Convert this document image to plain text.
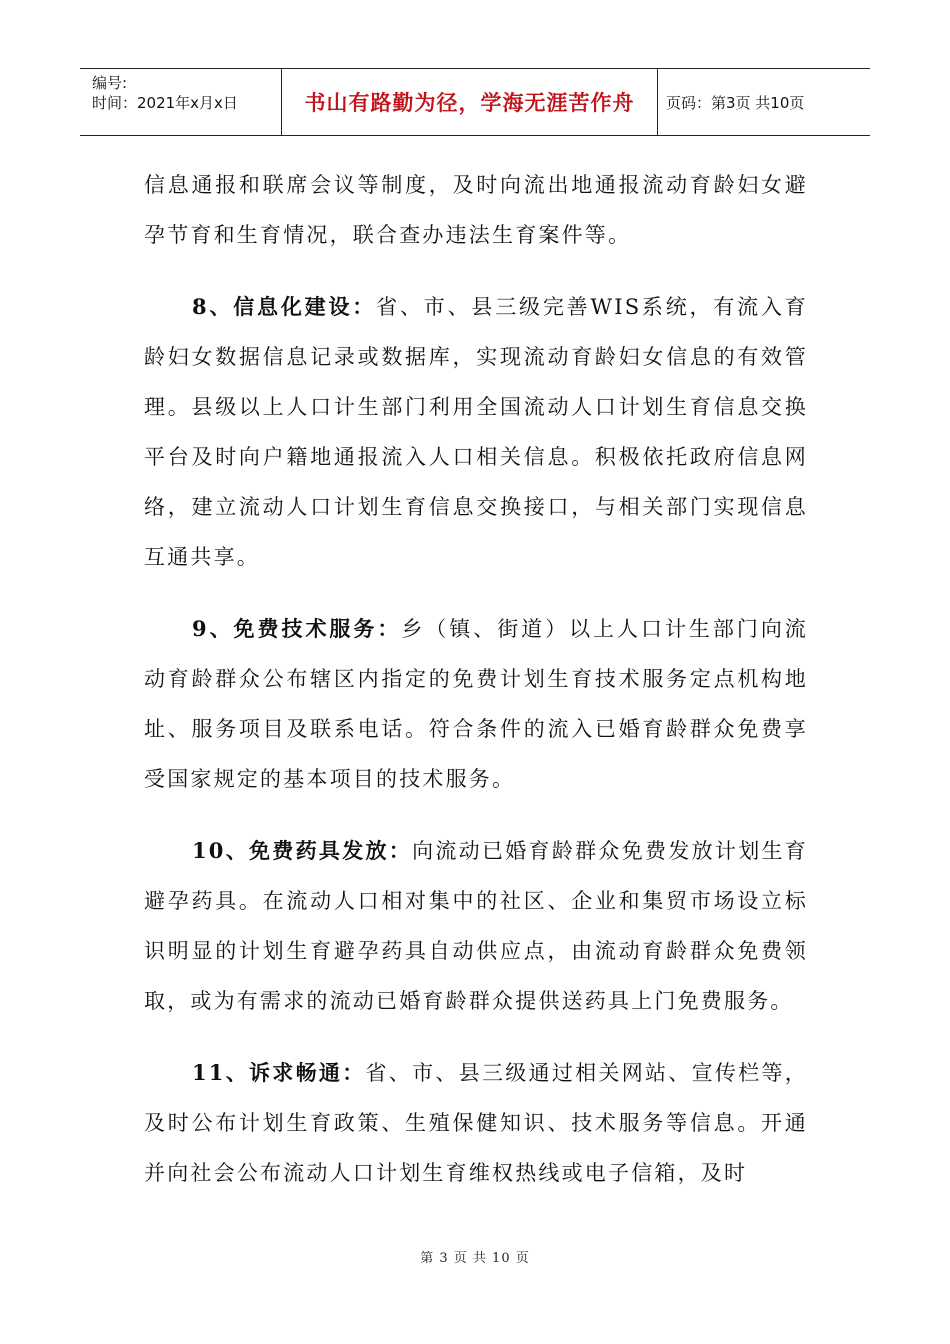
编号:
时间：2021年x月x日	书山有路勤为径，学海无涯苦作舟	页码：第3页 共10页

信息通报和联席会议等制度，及时向流出地通报流动育龄妇女避孕节育和生育情况，联合查办违法生育案件等。

8、信息化建设：省、市、县三级完善WIS系统，有流入育龄妇女数据信息记录或数据库，实现流动育龄妇女信息的有效管理。县级以上人口计生部门利用全国流动人口计划生育信息交换平台及时向户籍地通报流入人口相关信息。积极依托政府信息网络，建立流动人口计划生育信息交换接口，与相关部门实现信息互通共享。

9、免费技术服务：乡（镇、街道）以上人口计生部门向流动育龄群众公布辖区内指定的免费计划生育技术服务定点机构地址、服务项目及联系电话。符合条件的流入已婚育龄群众免费享受国家规定的基本项目的技术服务。

10、免费药具发放：向流动已婚育龄群众免费发放计划生育避孕药具。在流动人口相对集中的社区、企业和集贸市场设立标识明显的计划生育避孕药具自动供应点，由流动育龄群众免费领取，或为有需求的流动已婚育龄群众提供送药具上门免费服务。

11、诉求畅通：省、市、县三级通过相关网站、宣传栏等，及时公布计划生育政策、生殖保健知识、技术服务等信息。开通并向社会公布流动人口计划生育维权热线或电子信箱，及时

第 3 页 共 10 页
